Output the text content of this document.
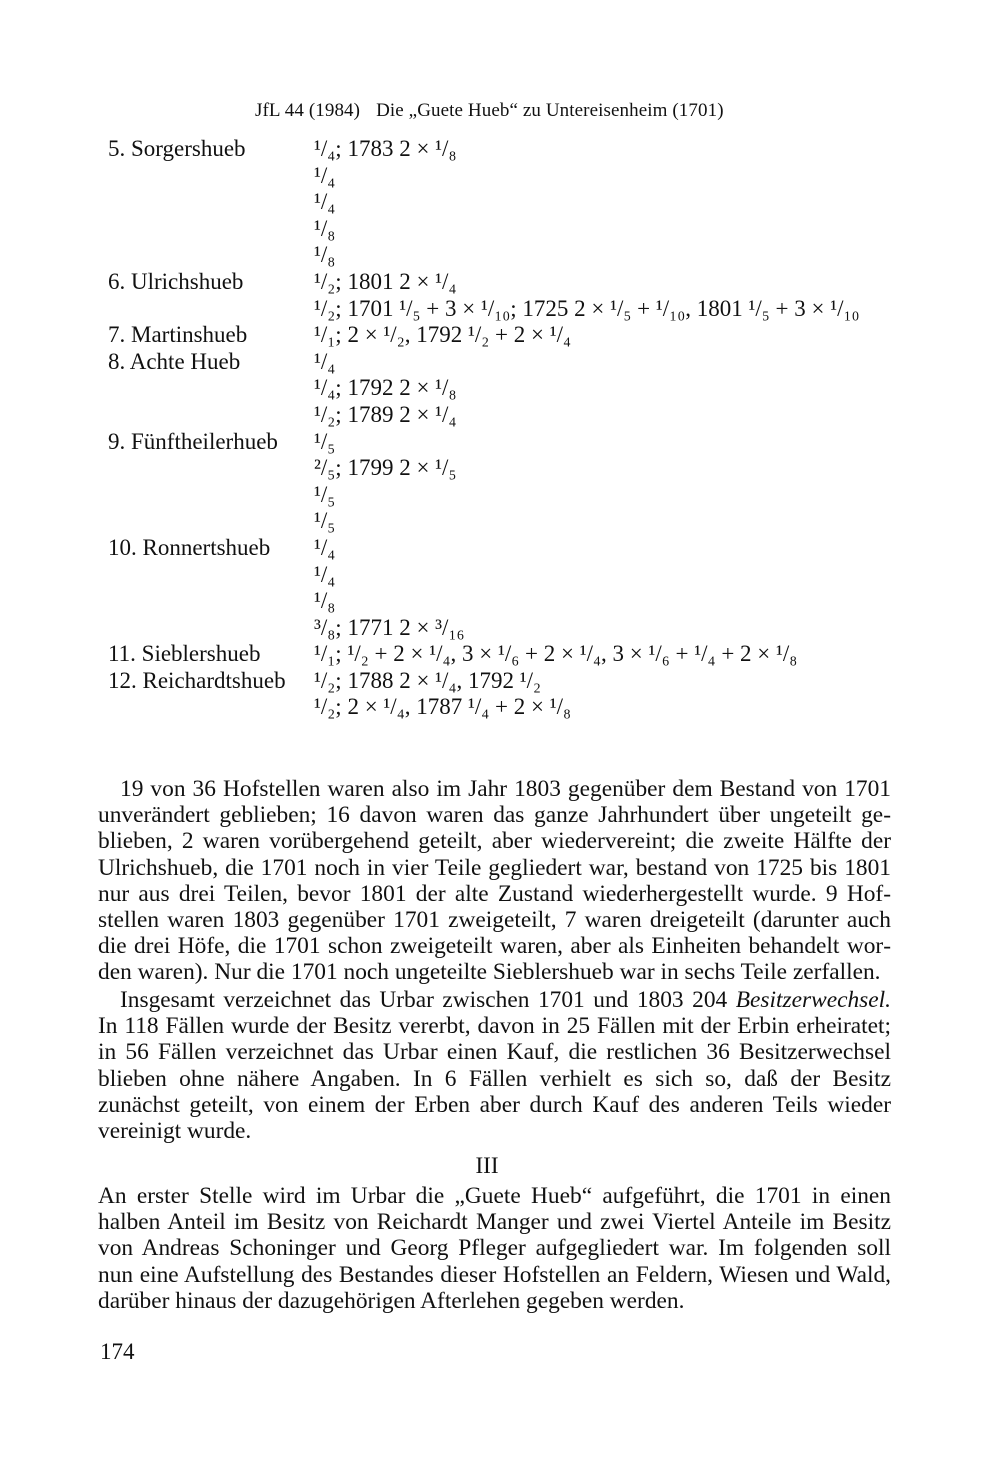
JfL 44 (1984) Die „Guete Hueb“ zu Untereisenheim (1701)
5. Sorgershueb	¹/₄; 1783 2 × ¹/₈
¹/₄
¹/₄
¹/₈
¹/₈
6. Ulrichshueb	¹/₂; 1801 2 × ¹/₄
¹/₂; 1701 ¹/₅ + 3 × ¹/₁₀; 1725 2 × ¹/₅ + ¹/₁₀, 1801 ¹/₅ + 3 × ¹/₁₀
7. Martinshueb	¹/₁; 2 × ¹/₂, 1792 ¹/₂ + 2 × ¹/₄
8. Achte Hueb	¹/₄
¹/₄; 1792 2 × ¹/₈
¹/₂; 1789 2 × ¹/₄
9. Fünftheilerhueb ¹/₅
²/₅; 1799 2 × ¹/₅
¹/₅
¹/₅
10. Ronnertshueb ¹/₄
¹/₄
¹/₈
³/₈; 1771 2 × ³/₁₆
11. Sieblershueb ¹/₁; ¹/₂ + 2 × ¹/₄, 3 × ¹/₆ + 2 × ¹/₄, 3 × ¹/₆ + ¹/₄ + 2 × ¹/₈
12. Reichardtshueb ¹/₂; 1788 2 × ¹/₄, 1792 ¹/₂
¹/₂; 2 × ¹/₄, 1787 ¹/₄ + 2 × ¹/₈

19 von 36 Hofstellen waren also im Jahr 1803 gegenüber dem Bestand von 1701 unverändert geblieben; 16 davon waren das ganze Jahrhundert über ungeteilt geblieben, 2 waren vorübergehend geteilt, aber wiedervereint; die zweite Hälfte der Ulrichshueb, die 1701 noch in vier Teile gegliedert war, bestand von 1725 bis 1801 nur aus drei Teilen, bevor 1801 der alte Zustand wiederhergestellt wurde. 9 Hofstellen waren 1803 gegenüber 1701 zweigeteilt, 7 waren dreigeteilt (darunter auch die drei Höfe, die 1701 schon zweigeteilt waren, aber als Einheiten behandelt worden waren). Nur die 1701 noch ungeteilte Sieblershueb war in sechs Teile zerfallen.

Insgesamt verzeichnet das Urbar zwischen 1701 und 1803 204 Besitzerwechsel. In 118 Fällen wurde der Besitz vererbt, davon in 25 Fällen mit der Erbin erheiratet; in 56 Fällen verzeichnet das Urbar einen Kauf, die restlichen 36 Besitzerwechsel blieben ohne nähere Angaben. In 6 Fällen verhielt es sich so, daß der Besitz zunächst geteilt, von einem der Erben aber durch Kauf des anderen Teils wieder vereinigt wurde.

III

An erster Stelle wird im Urbar die „Guete Hueb“ aufgeführt, die 1701 in einen halben Anteil im Besitz von Reichardt Manger und zwei Viertel Anteile im Besitz von Andreas Schoninger und Georg Pfleger aufgegliedert war. Im folgenden soll nun eine Aufstellung des Bestandes dieser Hofstellen an Feldern, Wiesen und Wald, darüber hinaus der dazugehörigen Afterlehen gegeben werden.

174
